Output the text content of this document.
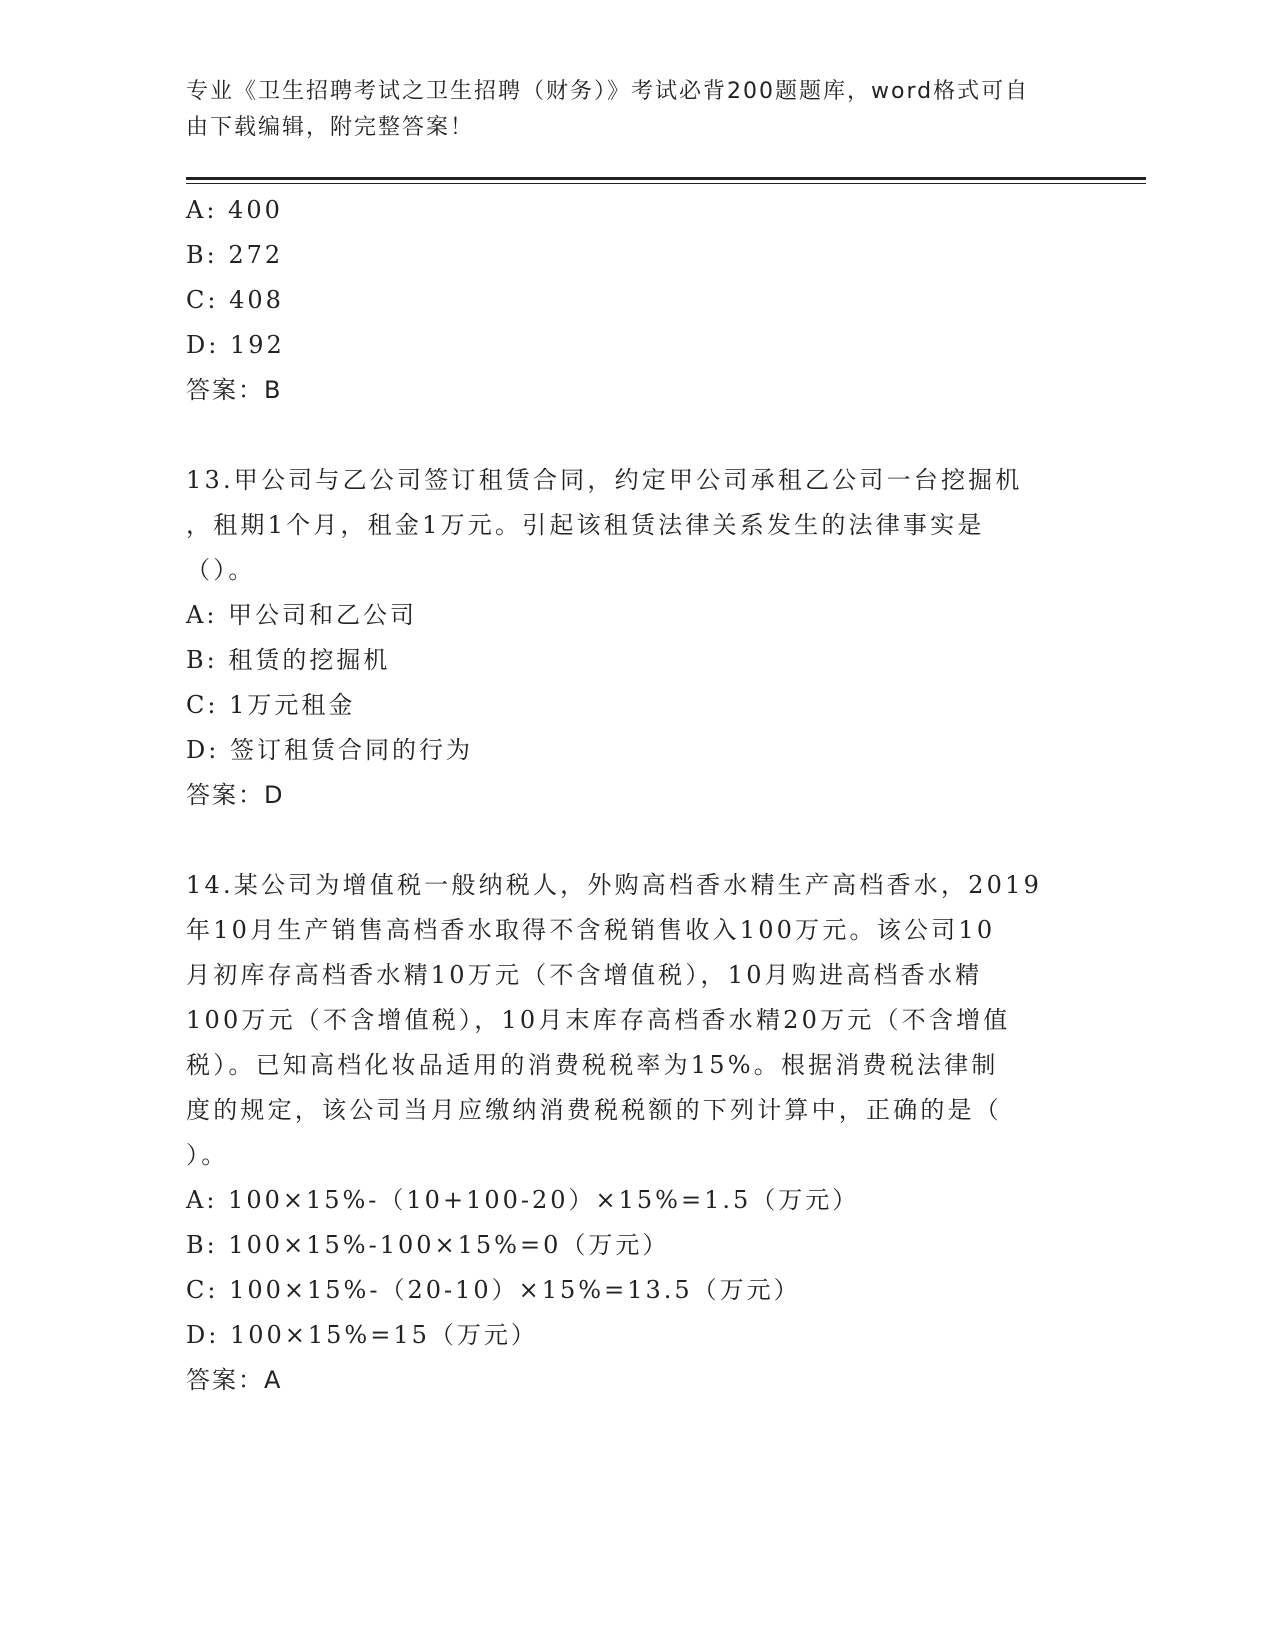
专业《卫生招聘考试之卫生招聘（财务）》考试必背200题题库，word格式可自
由下载编辑，附完整答案！
A: 400
B: 272
C: 408
D: 192
答案：B
13.甲公司与乙公司签订租赁合同，约定甲公司承租乙公司一台挖掘机
，租期1个月，租金1万元。引起该租赁法律关系发生的法律事实是
（）。
A: 甲公司和乙公司
B: 租赁的挖掘机
C: 1万元租金
D: 签订租赁合同的行为
答案：D
14.某公司为增值税一般纳税人，外购高档香水精生产高档香水，2019
年10月生产销售高档香水取得不含税销售收入100万元。该公司10
月初库存高档香水精10万元（不含增值税），10月购进高档香水精
100万元（不含增值税），10月末库存高档香水精20万元（不含增值
税）。已知高档化妆品适用的消费税税率为15%。根据消费税法律制
度的规定，该公司当月应缴纳消费税税额的下列计算中，正确的是（
）。
A: 100×15%-（10+100-20）×15%=1.5（万元）
B: 100×15%-100×15%=0（万元）
C: 100×15%-（20-10）×15%=13.5（万元）
D: 100×15%=15（万元）
答案：A
